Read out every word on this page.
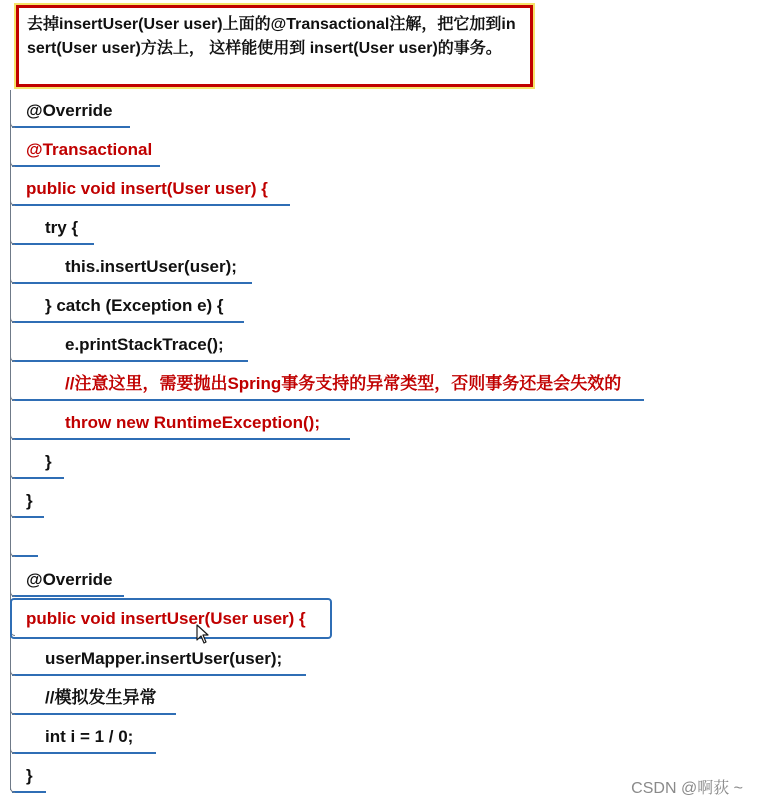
去掉insertUser(User user)上面的@Transactional注解，把它加到insert(User user)方法上， 这样能使用到 insert(User user)的事务。
@Override
@Transactional
public void insert(User user) {
try {
this.insertUser(user);
} catch (Exception e) {
e.printStackTrace();
//注意这里，需要抛出Spring事务支持的异常类型，否则事务还是会失效的
throw new RuntimeException();
}
}
@Override
public void insertUser(User user) {
userMapper.insertUser(user);
//模拟发生异常
int i = 1 / 0;
}
CSDN @啊荻 ~
